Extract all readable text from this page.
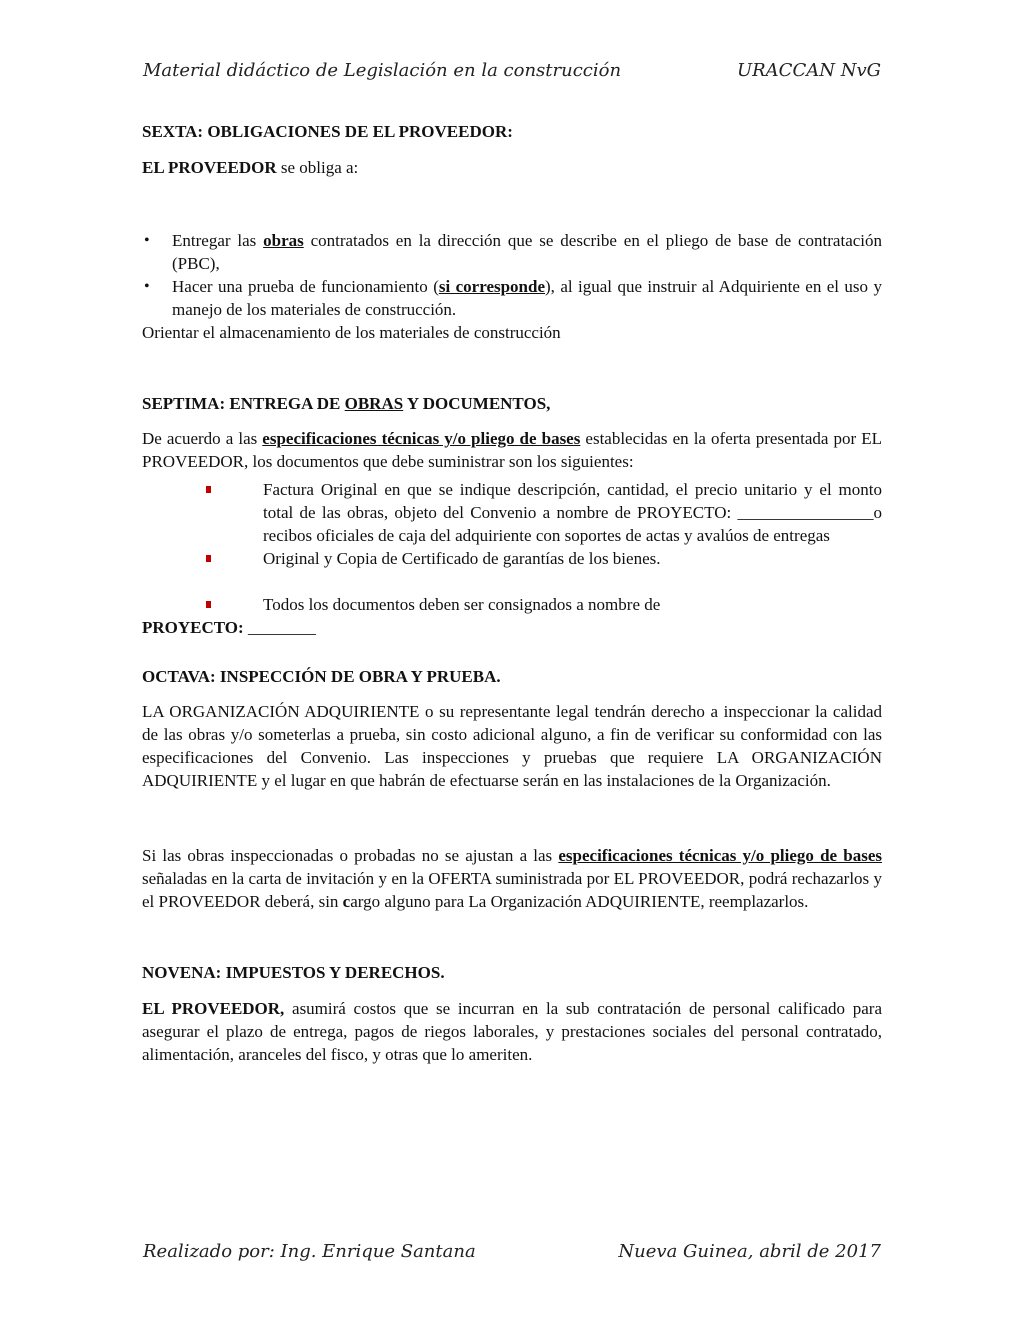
Material didáctico de Legislación en la construcción	URACCAN NvG

SEXTA: OBLIGACIONES DE EL PROVEEDOR:

EL PROVEEDOR se obliga a:

• Entregar las obras contratados en la dirección que se describe en el pliego de base de contratación (PBC),
• Hacer una prueba de funcionamiento (si corresponde), al igual que instruir al Adquiriente en el uso y manejo de los materiales de construcción.

Orientar el almacenamiento de los materiales de construcción

SEPTIMA: ENTREGA DE OBRAS Y DOCUMENTOS,

De acuerdo a las especificaciones técnicas y/o pliego de bases establecidas en la oferta presentada por EL PROVEEDOR, los documentos que debe suministrar son los siguientes:

Factura Original en que se indique descripción, cantidad, el precio unitario y el monto total de las obras, objeto del Convenio a nombre de PROYECTO: ________________o recibos oficiales de caja del adquiriente con soportes de actas y avalúos de entregas
Original y Copia de Certificado de garantías de los bienes.
Todos los documentos deben ser consignados a nombre de

PROYECTO: ________

OCTAVA: INSPECCIÓN DE OBRA Y PRUEBA.

LA ORGANIZACIÓN ADQUIRIENTE o su representante legal tendrán derecho a inspeccionar la calidad de las obras y/o someterlas a prueba, sin costo adicional alguno, a fin de verificar su conformidad con las especificaciones del Convenio. Las inspecciones y pruebas que requiere LA ORGANIZACIÓN ADQUIRIENTE y el lugar en que habrán de efectuarse serán en las instalaciones de la Organización.

Si las obras inspeccionadas o probadas no se ajustan a las especificaciones técnicas y/o pliego de bases señaladas en la carta de invitación y en la OFERTA suministrada por EL PROVEEDOR, podrá rechazarlos y el PROVEEDOR deberá, sin cargo alguno para La Organización ADQUIRIENTE, reemplazarlos.

NOVENA: IMPUESTOS Y DERECHOS.

EL PROVEEDOR, asumirá costos que se incurran en la sub contratación de personal calificado para asegurar el plazo de entrega, pagos de riegos laborales, y prestaciones sociales del personal contratado, alimentación, aranceles del fisco, y otras que lo ameriten.

Realizado por: Ing. Enrique Santana	Nueva Guinea, abril de 2017
